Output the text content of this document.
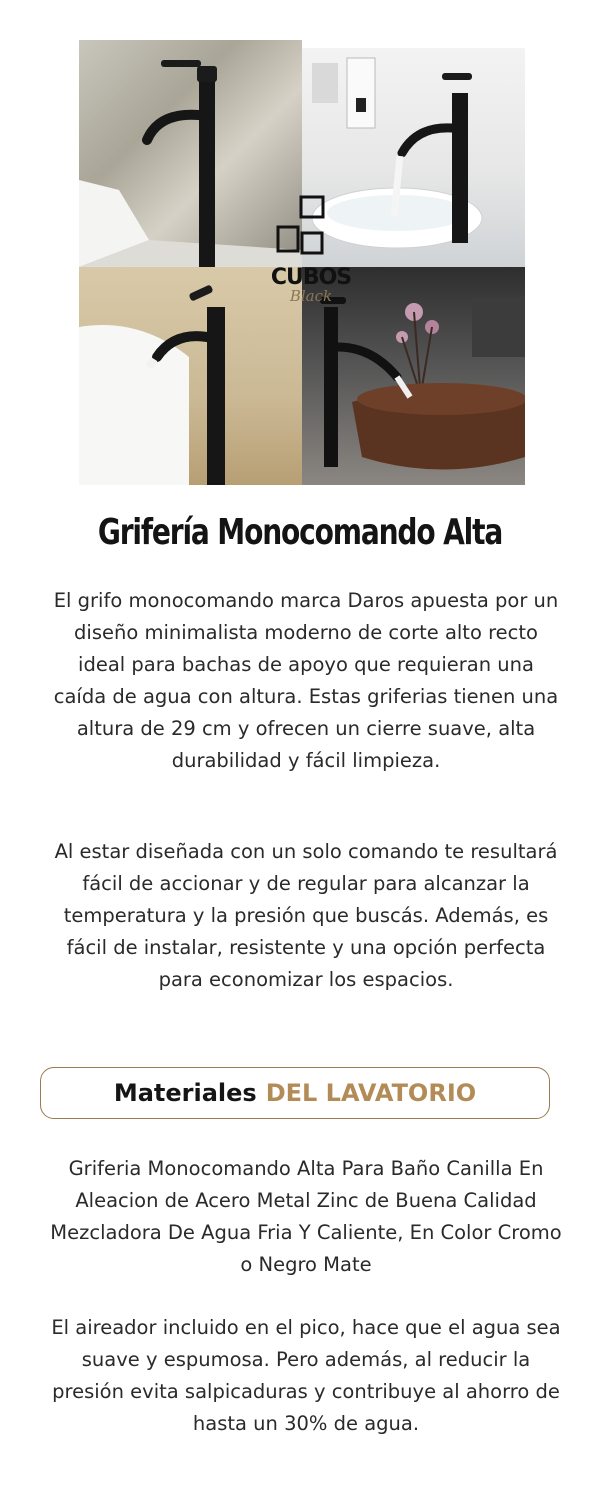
CUBOS
Black
Grifería Monocomando Alta

El grifo monocomando marca Daros apuesta por un diseño minimalista moderno de corte alto recto ideal para bachas de apoyo que requieran una caída de agua con altura. Estas griferias tienen una altura de 29 cm y ofrecen un cierre suave, alta durabilidad y fácil limpieza.

Al estar diseñada con un solo comando te resultará fácil de accionar y de regular para alcanzar la temperatura y la presión que buscás. Además, es fácil de instalar, resistente y una opción perfecta para economizar los espacios.

Materiales DEL LAVATORIO

Griferia Monocomando Alta Para Baño Canilla En Aleacion de Acero Metal Zinc de Buena Calidad Mezcladora De Agua Fria Y Caliente, En Color Cromo o Negro Mate

El aireador incluido en el pico, hace que el agua sea suave y espumosa. Pero además, al reducir la presión evita salpicaduras y contribuye al ahorro de hasta un 30% de agua.
